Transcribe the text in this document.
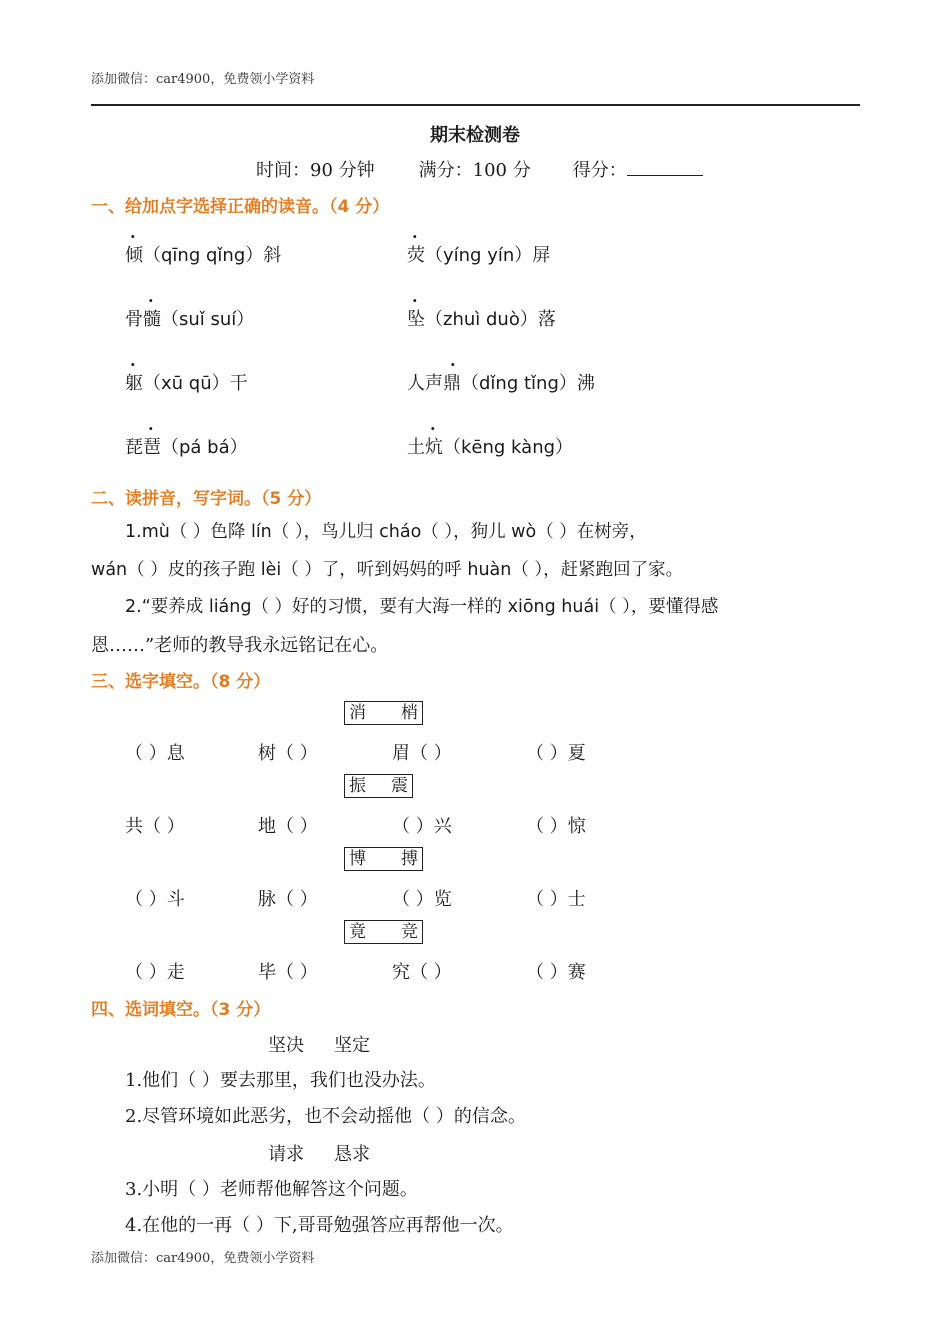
添加微信：car4900，免费领小学资料
期末检测卷
时间：90 分钟 满分：100 分 得分：
一、给加点字选择正确的读音。（4 分）
.
倾（qīng qǐng）斜
.
荧（yíng yín）屏
.
骨髓（suǐ suí）
.
坠（zhuì duò）落
.
躯（xū qū）干
.
人声鼎（dǐng tǐng）沸
.
琵琶（pá bá）
.
土炕（kēng kàng）
二、读拼音，写字词。（5 分）
1.mù（ ）色降 lín（ ），鸟儿归 cháo（ ），狗儿 wò（ ）在树旁，
wán（ ）皮的孩子跑 lèi（ ）了，听到妈妈的呼 huàn（ ），赶紧跑回了家。
2.“要养成 liáng（ ）好的习惯，要有大海一样的 xiōng huái（ ），要懂得感
恩……”老师的教导我永远铭记在心。
三、选字填空。（8 分）
消 梢
（ ）息	树（ ）	眉（ ）	（ ）夏
振 震
共（ ）	地（ ）	（ ）兴	（ ）惊
博 搏
（ ）斗	脉（ ）	（ ）览	（ ）士
竟 竞
（ ）走	毕（ ）	究（ ）	（ ）赛
四、选词填空。（3 分）
坚决 坚定
1.他们（ ）要去那里，我们也没办法。
2.尽管环境如此恶劣，也不会动摇他（ ）的信念。
请求 恳求
3.小明（ ）老师帮他解答这个问题。
4.在他的一再（ ）下,哥哥勉强答应再帮他一次。
添加微信：car4900，免费领小学资料
